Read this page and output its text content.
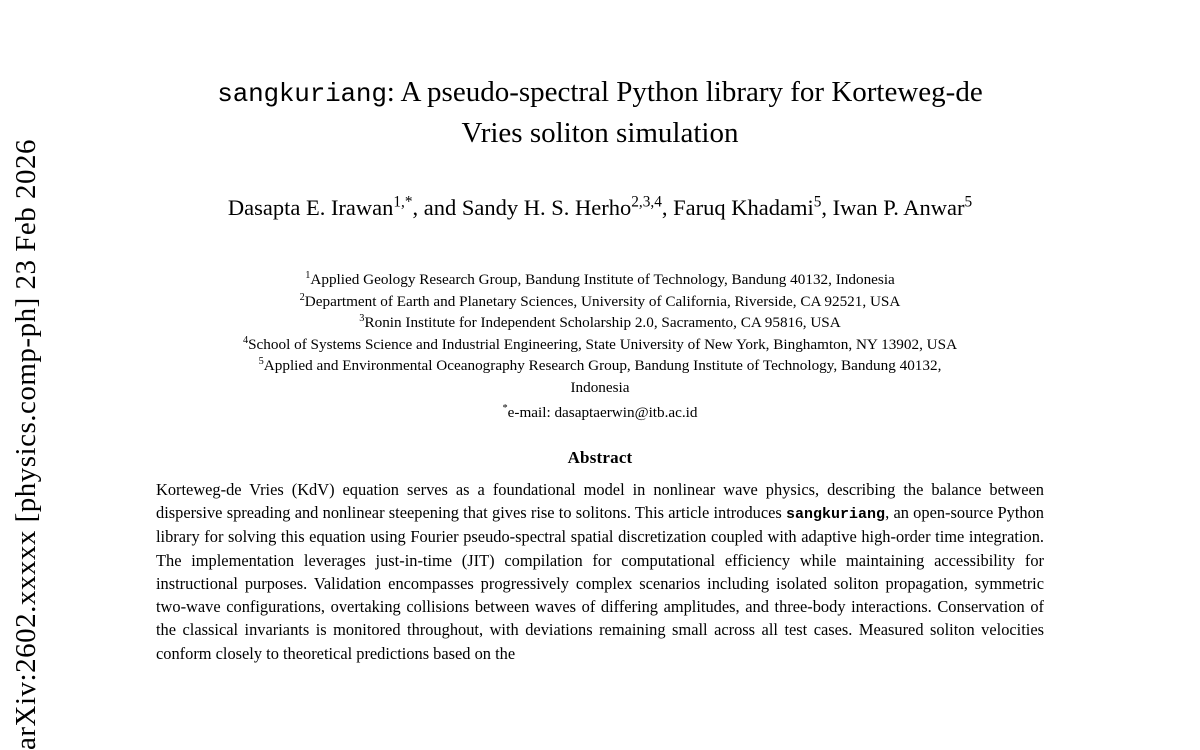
arXiv:2602.xxxxx [physics.comp-ph] 23 Feb 2026
sangkuriang: A pseudo-spectral Python library for Korteweg-de
Vries soliton simulation
Dasapta E. Irawan$^{1,*}$, and Sandy H. S. Herho$^{2,3,4}$, Faruq Khadami$^5$, Iwan P. Anwar$^5$
$^1$Applied Geology Research Group, Bandung Institute of Technology, Bandung 40132, Indonesia
$^2$Department of Earth and Planetary Sciences, University of California, Riverside, CA 92521, USA
$^3$Ronin Institute for Independent Scholarship 2.0, Sacramento, CA 95816, USA
$^4$School of Systems Science and Industrial Engineering, State University of New York, Binghamton, NY 13902, USA
$^5$Applied and Environmental Oceanography Research Group, Bandung Institute of Technology, Bandung 40132,
Indonesia
*e-mail: dasaptaerwin@itb.ac.id
Abstract
Korteweg-de Vries (KdV) equation serves as a foundational model in nonlinear wave physics, describing the balance between dispersive spreading and nonlinear steepening that gives rise to solitons. This article introduces sangkuriang, an open-source Python library for solving this equation using Fourier pseudo-spectral spatial discretization coupled with adaptive high-order time integration. The implementation leverages just-in-time (JIT) compilation for computational efficiency while maintaining accessibility for instructional purposes. Validation encompasses progressively complex scenarios including isolated soliton propagation, symmetric two-wave configurations, overtaking collisions between waves of differing amplitudes, and three-body interactions. Conservation of the classical invariants is monitored throughout, with deviations remaining small across all test cases. Measured soliton velocities conform closely to theoretical predictions based on the
